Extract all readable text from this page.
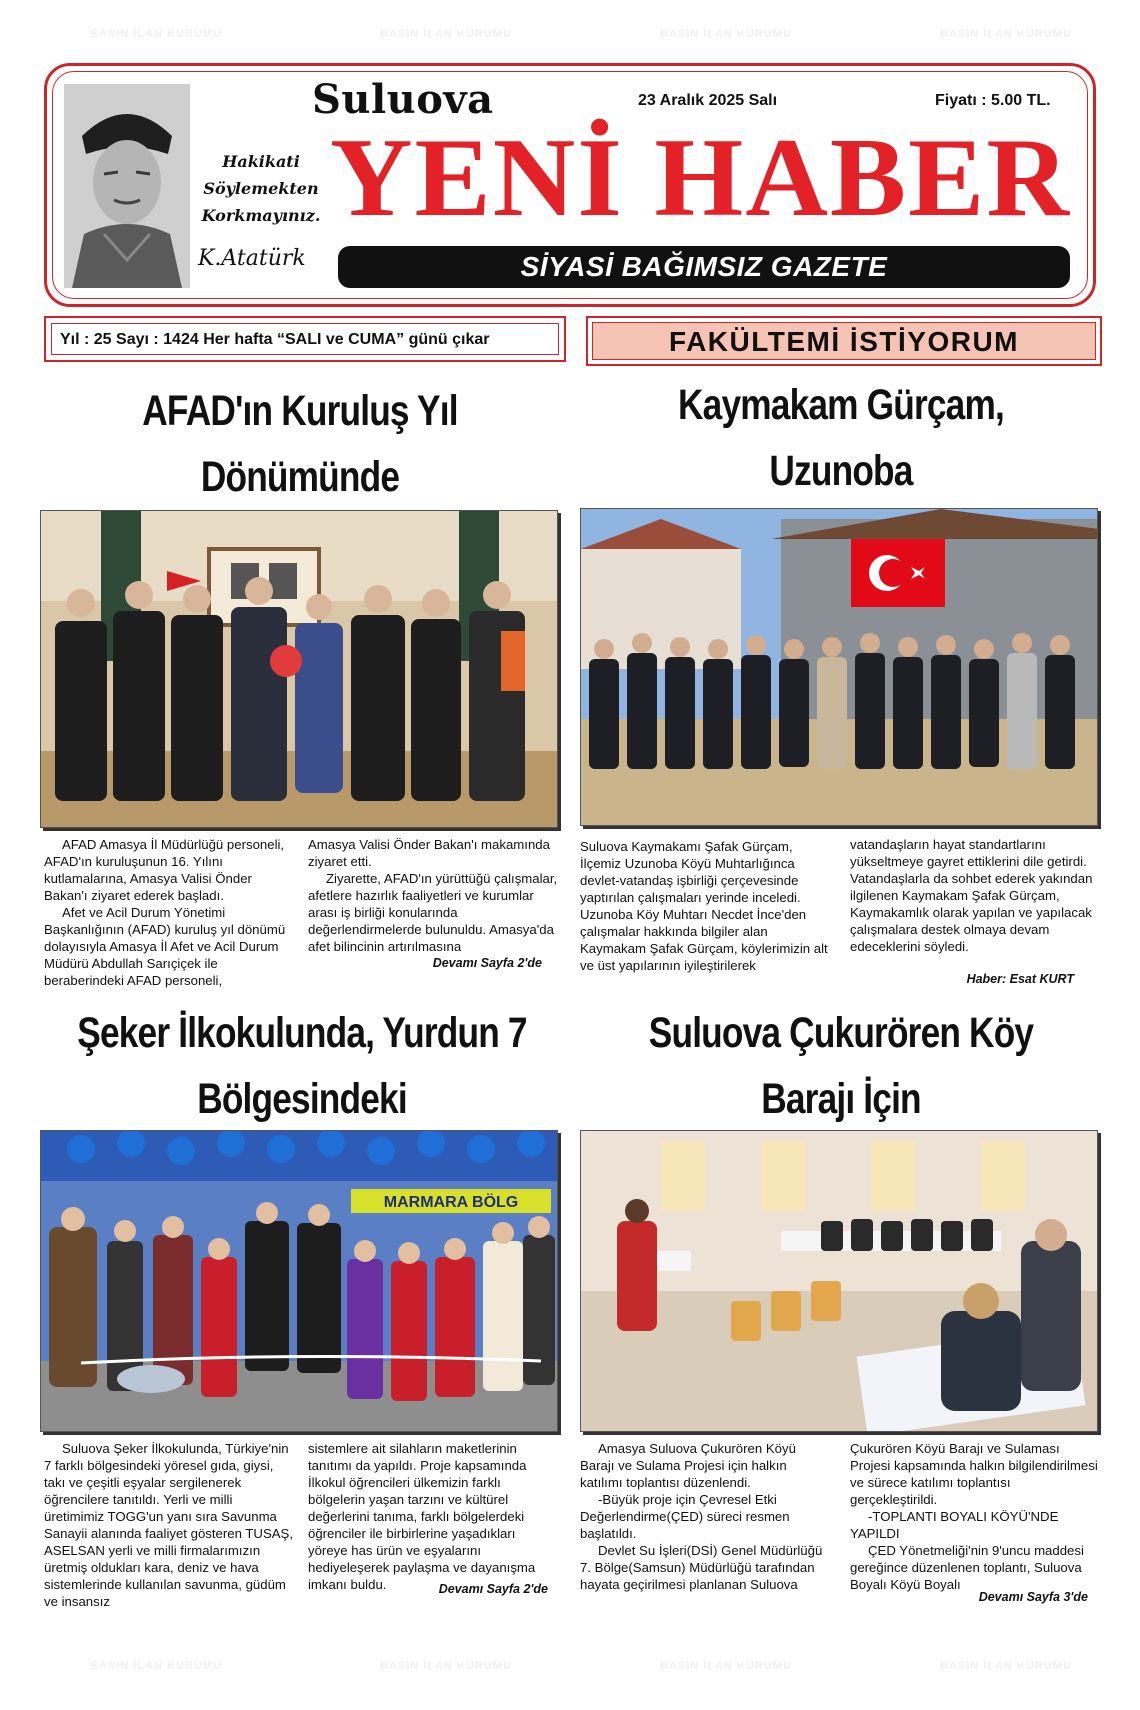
BASIN İLAN KURUMU	BASIN İLAN KURUMU	BASIN İLAN KURUMU	BASIN İLAN KURUMU
BASIN İLAN KURUMU	BASIN İLAN KURUMU	BASIN İLAN KURUMU	BASIN İLAN KURUMU
Hakikati
Söylemekten
Korkmayınız.
K.Atatürk
Suluova	23 Aralık 2025 Salı	Fiyatı : 5.00 TL.
YENİ HABER
SİYASİ BAĞIMSIZ GAZETE
Yıl : 25 Sayı : 1424 Her hafta “SALI ve CUMA” günü çıkar	FAKÜLTEMİ İSTİYORUM
AFAD'ın Kuruluş Yıl Dönümünde

AFAD Amasya İl Müdürlüğü personeli, AFAD'ın kuruluşunun 16. Yılını kutlamalarına, Amasya Valisi Önder Bakan'ı ziyaret ederek başladı.

Afet ve Acil Durum Yönetimi Başkanlığının (AFAD) kuruluş yıl dönümü dolayısıyla Amasya İl Afet ve Acil Durum Müdürü Abdullah Sarıçiçek ile beraberindeki AFAD personeli,

Amasya Valisi Önder Bakan'ı makamında ziyaret etti.

Ziyarette, AFAD'ın yürüttüğü çalışmalar, afetlere hazırlık faaliyetleri ve kurumlar arası iş birliği konularında değerlendirmelerde bulunuldu. Amasya'da afet bilincinin artırılmasına

Devamı Sayfa 2'de
Kaymakam Gürçam, Uzunoba

Suluova Kaymakamı Şafak Gürçam, İlçemiz Uzunoba Köyü Muhtarlığınca devlet-vatandaş işbirliği çerçevesinde yaptırılan çalışmaları yerinde inceledi. Uzunoba Köy Muhtarı Necdet İnce'den çalışmalar hakkında bilgiler alan Kaymakam Şafak Gürçam, köylerimizin alt ve üst yapılarının iyileştirilerek

vatandaşların hayat standartlarını yükseltmeye gayret ettiklerini dile getirdi.

Vatandaşlarla da sohbet ederek yakından ilgilenen Kaymakam Şafak Gürçam, Kaymakamlık olarak yapılan ve yapılacak çalışmalara destek olmaya devam edeceklerini söyledi.

Haber: Esat KURT
Şeker İlkokulunda, Yurdun 7 Bölgesindeki
MARMARA BÖLG

Suluova Şeker İlkokulunda, Türkiye'nin 7 farklı bölgesindeki yöresel gıda, giysi, takı ve çeşitli eşyalar sergilenerek öğrencilere tanıtıldı. Yerli ve milli üretimimiz TOGG'un yanı sıra Savunma Sanayii alanında faaliyet gösteren TUSAŞ, ASELSAN yerli ve milli firmalarımızın üretmiş oldukları kara, deniz ve hava sistemlerinde kullanılan savunma, güdüm ve insansız

sistemlere ait silahların maketlerinin tanıtımı da yapıldı. Proje kapsamında İlkokul öğrencileri ülkemizin farklı bölgelerin yaşan tarzını ve kültürel değerlerini tanıma, farklı bölgelerdeki öğrenciler ile birbirlerine yaşadıkları yöreye has ürün ve eşyalarını hediyeleşerek paylaşma ve dayanışma imkanı buldu.	Devamı Sayfa 2'de
Suluova Çukurören Köy Barajı İçin

Amasya Suluova Çukurören Köyü Barajı ve Sulama Projesi için halkın katılımı toplantısı düzenlendi.

-Büyük proje için Çevresel Etki Değerlendirme(ÇED) süreci resmen başlatıldı.

Devlet Su İşleri(DSİ) Genel Müdürlüğü 7. Bölge(Samsun) Müdürlüğü tarafından hayata geçirilmesi planlanan Suluova

Çukurören Köyü Barajı ve Sulaması Projesi kapsamında halkın bilgilendirilmesi ve sürece katılımı toplantısı gerçekleştirildi.

-TOPLANTI BOYALI KÖYÜ'NDE YAPILDI

ÇED Yönetmeliği'nin 9'uncu maddesi gereğince düzenlenen toplantı, Suluova Boyalı Köyü Boyalı

Devamı Sayfa 3'de
